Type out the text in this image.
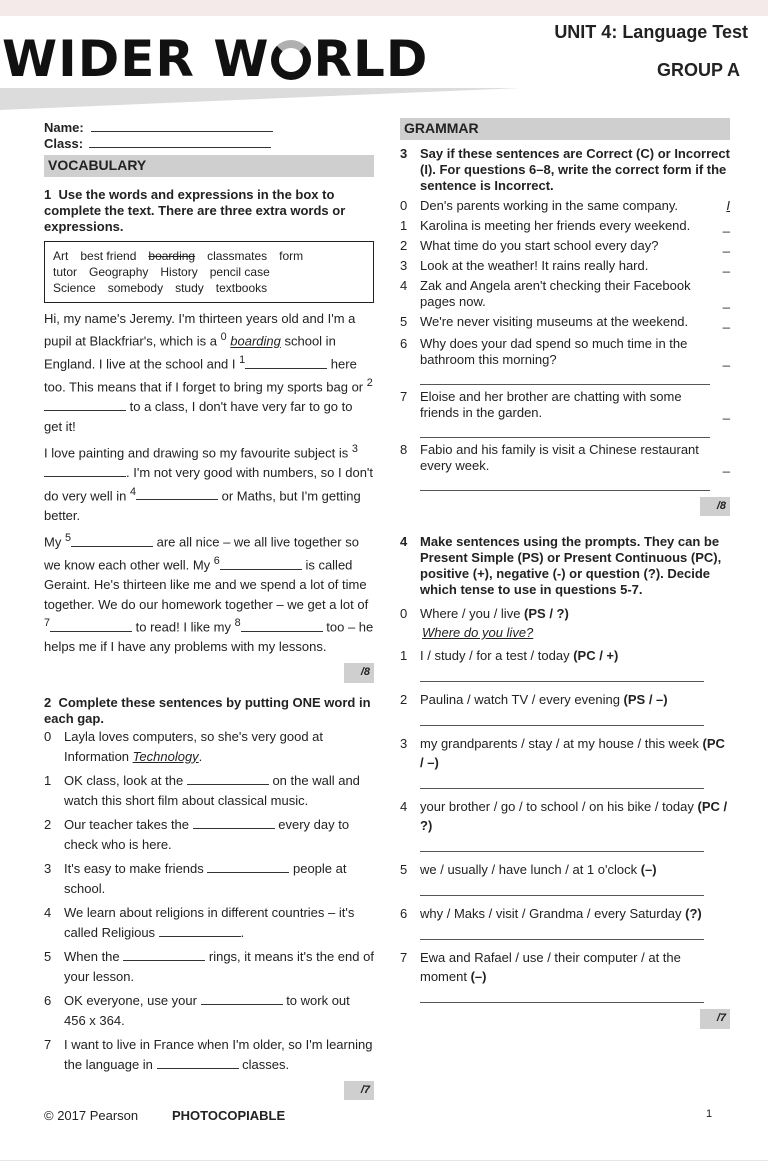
WIDER W RLD	UNIT 4: Language Test
GROUP A
Name:
Class:
VOCABULARY
1 Use the words and expressions in the box to complete the text. There are three extra words or expressions.
Art best friend boarding classmates form
tutor Geography History pencil case
Science somebody study textbooks
Hi, my name's Jeremy. I'm thirteen years old and I'm a pupil at Blackfriar's, which is a $^0$ boarding school in England. I live at the school and I $^1$	here too. This means that if I forget to bring my sports bag or $^2$ to a class, I don't have very far to go to get it!
I love painting and drawing so my favourite subject is $^3$. I'm not very good with numbers, so I don't do very well in $^4$	or Maths, but I'm getting better.
My $^5$	are all nice – we all live together so we know each other well. My $^6$	is called Geraint. He's thirteen like me and we spend a lot of time together. We do our homework together – we get a lot of $^7$	to read! I like my $^8$	too – he helps me if I have any problems with my lessons.
/8
2 Complete these sentences by putting ONE word in each gap.
0 Layla loves computers, so she's very good at Information Technology.
1 OK class, look at the	on the wall and watch this short film about classical music.
2 Our teacher takes the	every day to check who is here.
3 It's easy to make friends	people at school.
4 We learn about religions in different countries – it's called Religious	.
5 When the	rings, it means it's the end of your lesson.
6 OK everyone, use your	to work out 456 x 364.
7 I want to live in France when I'm older, so I'm learning the language in	classes.
/7
GRAMMAR
3 Say if these sentences are Correct (C) or Incorrect (I). For questions 6–8, write the correct form if the sentence is Incorrect.
0 Den's parents working in the same company.	I
1 Karolina is meeting her friends every weekend.	_
2 What time do you start school every day?	_
3 Look at the weather! It rains really hard.	_
4 Zak and Angela aren't checking their Facebook pages now.	_
5 We're never visiting museums at the weekend.	_
6 Why does your dad spend so much time in the bathroom this morning?	_
7 Eloise and her brother are chatting with some friends in the garden.	_
8 Fabio and his family is visit a Chinese restaurant every week.	_
/8
4 Make sentences using the prompts. They can be Present Simple (PS) or Present Continuous (PC), positive (+), negative (-) or question (?). Decide which tense to use in questions 5-7.
0 Where / you / live (PS / ?)
Where do you live?
1 I / study / for a test / today (PC / +)
2 Paulina / watch TV / every evening (PS / –)
3 my grandparents / stay / at my house / this week (PC / –)
4 your brother / go / to school / on his bike / today (PC / ?)
5 we / usually / have lunch / at 1 o'clock (–)
6 why / Maks / visit / Grandma / every Saturday (?)
7 Ewa and Rafael / use / their computer / at the moment (–)
/7
© 2017 Pearson	PHOTOCOPIABLE	1
